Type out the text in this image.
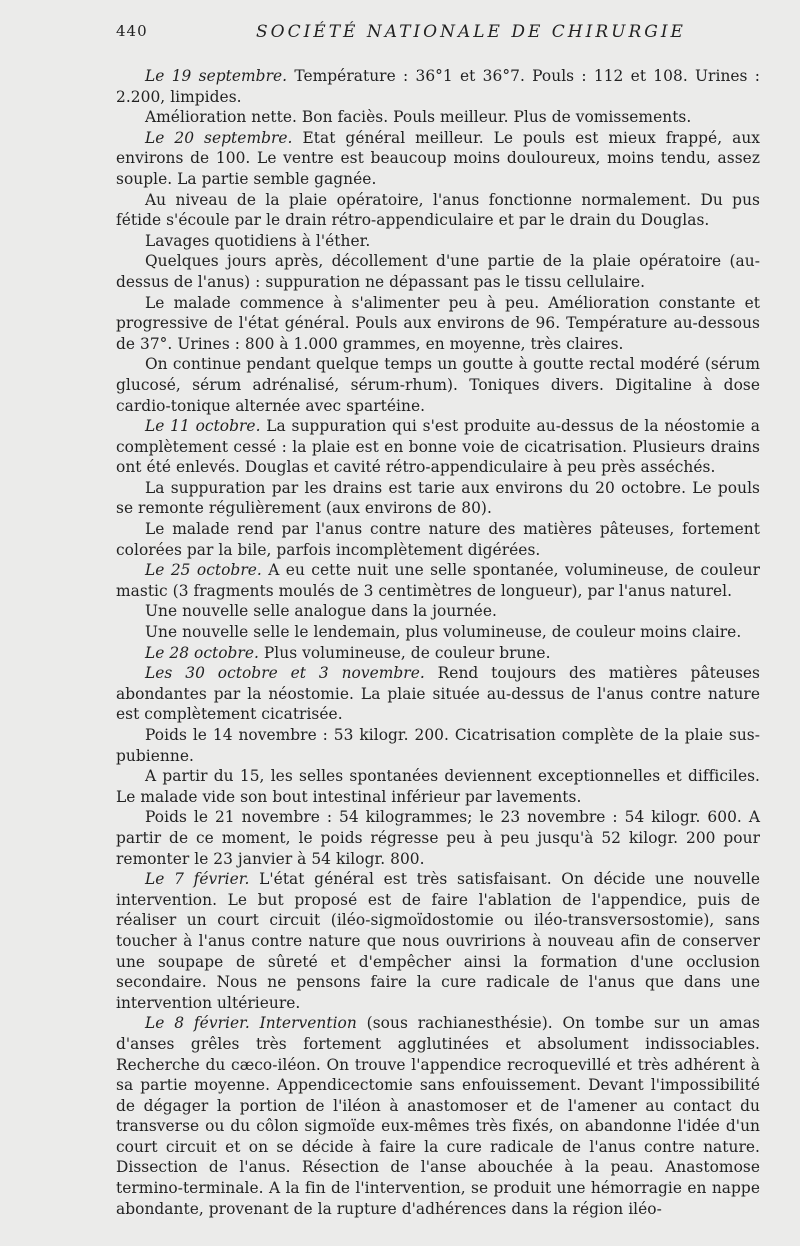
440	SOCIÉTÉ NATIONALE DE CHIRURGIE

Le 19 septembre. Température : 36°1 et 36°7. Pouls : 112 et 108. Urines : 2.200, limpides.

Amélioration nette. Bon faciès. Pouls meilleur. Plus de vomissements.

Le 20 septembre. Etat général meilleur. Le pouls est mieux frappé, aux environs de 100. Le ventre est beaucoup moins douloureux, moins tendu, assez souple. La partie semble gagnée.

Au niveau de la plaie opératoire, l'anus fonctionne normalement. Du pus fétide s'écoule par le drain rétro-appendiculaire et par le drain du Douglas.

Lavages quotidiens à l'éther.

Quelques jours après, décollement d'une partie de la plaie opératoire (au-dessus de l'anus) : suppuration ne dépassant pas le tissu cellulaire.

Le malade commence à s'alimenter peu à peu. Amélioration constante et progressive de l'état général. Pouls aux environs de 96. Température au-dessous de 37°. Urines : 800 à 1.000 grammes, en moyenne, très claires.

On continue pendant quelque temps un goutte à goutte rectal modéré (sérum glucosé, sérum adrénalisé, sérum-rhum). Toniques divers. Digitaline à dose cardio-tonique alternée avec spartéine.

Le 11 octobre. La suppuration qui s'est produite au-dessus de la néostomie a complètement cessé : la plaie est en bonne voie de cicatrisation. Plusieurs drains ont été enlevés. Douglas et cavité rétro-appendiculaire à peu près asséchés.

La suppuration par les drains est tarie aux environs du 20 octobre. Le pouls se remonte régulièrement (aux environs de 80).

Le malade rend par l'anus contre nature des matières pâteuses, fortement colorées par la bile, parfois incomplètement digérées.

Le 25 octobre. A eu cette nuit une selle spontanée, volumineuse, de couleur mastic (3 fragments moulés de 3 centimètres de longueur), par l'anus naturel.

Une nouvelle selle analogue dans la journée.

Une nouvelle selle le lendemain, plus volumineuse, de couleur moins claire.

Le 28 octobre. Plus volumineuse, de couleur brune.

Les 30 octobre et 3 novembre. Rend toujours des matières pâteuses abondantes par la néostomie. La plaie située au-dessus de l'anus contre nature est complètement cicatrisée.

Poids le 14 novembre : 53 kilogr. 200. Cicatrisation complète de la plaie sus-pubienne.

A partir du 15, les selles spontanées deviennent exceptionnelles et difficiles. Le malade vide son bout intestinal inférieur par lavements.

Poids le 21 novembre : 54 kilogrammes; le 23 novembre : 54 kilogr. 600. A partir de ce moment, le poids régresse peu à peu jusqu'à 52 kilogr. 200 pour remonter le 23 janvier à 54 kilogr. 800.

Le 7 février. L'état général est très satisfaisant. On décide une nouvelle intervention. Le but proposé est de faire l'ablation de l'appendice, puis de réaliser un court circuit (iléo-sigmoïdostomie ou iléo-transversostomie), sans toucher à l'anus contre nature que nous ouvririons à nouveau afin de conserver une soupape de sûreté et d'empêcher ainsi la formation d'une occlusion secondaire. Nous ne pensons faire la cure radicale de l'anus que dans une intervention ultérieure.

Le 8 février. Intervention (sous rachianesthésie). On tombe sur un amas d'anses grêles très fortement agglutinées et absolument indissociables. Recherche du cæco-iléon. On trouve l'appendice recroquevillé et très adhérent à sa partie moyenne. Appendicectomie sans enfouissement. Devant l'impossibilité de dégager la portion de l'iléon à anastomoser et de l'amener au contact du transverse ou du côlon sigmoïde eux-mêmes très fixés, on abandonne l'idée d'un court circuit et on se décide à faire la cure radicale de l'anus contre nature. Dissection de l'anus. Résection de l'anse abouchée à la peau. Anastomose termino-terminale. A la fin de l'intervention, se produit une hémorragie en nappe abondante, provenant de la rupture d'adhérences dans la région iléo-
